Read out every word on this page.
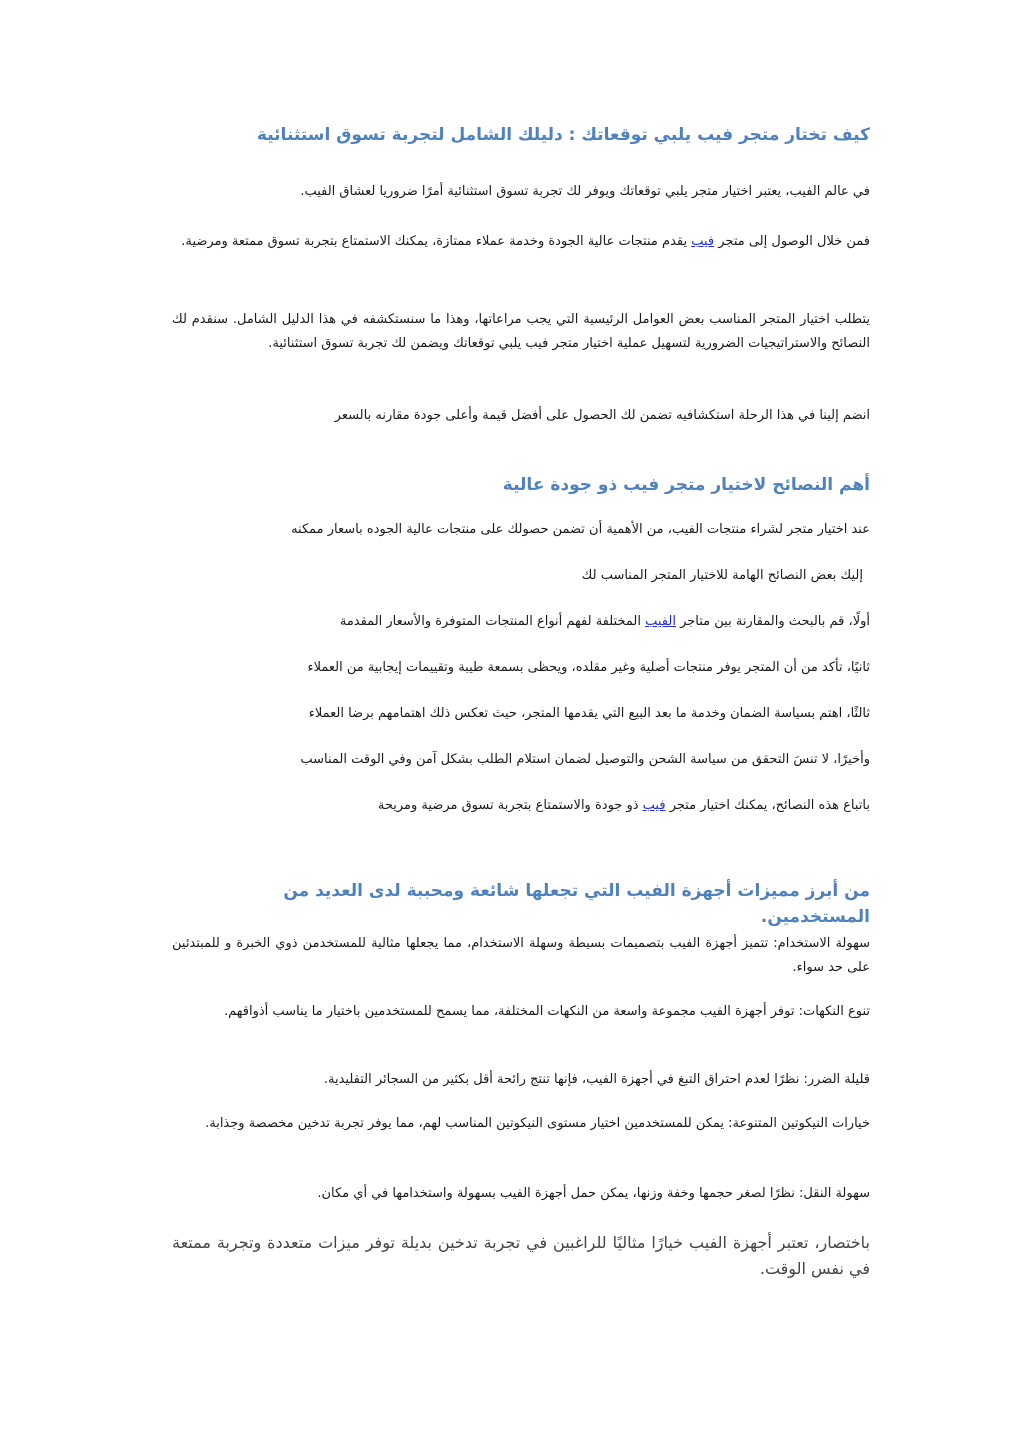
كيف تختار متجر فيب يلبي توقعاتك : دليلك الشامل لتجربة تسوق استثنائية

في عالم الفيب، يعتبر اختيار متجر يلبي توقعاتك ويوفر لك تجربة تسوق استثنائية أمرًا ضروريا لعشاق الفيب.

فمن خلال الوصول إلى متجر فيب يقدم منتجات عالية الجودة وخدمة عملاء ممتازة، يمكنك الاستمتاع بتجربة تسوق ممتعة ومرضية.

يتطلب اختيار المتجر المناسب بعض العوامل الرئيسية التي يجب مراعاتها، وهذا ما سنستكشفه في هذا الدليل الشامل. سنقدم لك النصائح والاستراتيجيات الضرورية لتسهيل عملية اختيار متجر فيب يلبي توقعاتك ويضمن لك تجربة تسوق استثنائية.

انضم إلينا في هذا الرحلة استكشافيه تضمن لك الحصول على أفضل قيمة وأعلى جودة مقارنه بالسعر

أهم النصائح لاختيار متجر فيب ذو جودة عالية

عند اختيار متجر لشراء منتجات الفيب، من الأهمية أن تضمن حصولك على منتجات عالية الجوده باسعار ممكنه

إليك بعض النصائح الهامة للاختيار المتجر المناسب لك

أولًا، قم بالبحث والمقارنة بين متاجر الفيب المختلفة لفهم أنواع المنتجات المتوفرة والأسعار المقدمة

ثانيًا، تأكد من أن المتجر يوفر منتجات أصلية وغير مقلده، ويحظى بسمعة طيبة وتقييمات إيجابية من العملاء

ثالثًا، اهتم بسياسة الضمان وخدمة ما بعد البيع التي يقدمها المتجر، حيث تعكس ذلك اهتمامهم برضا العملاء

وأخيرًا، لا تنسَ التحقق من سياسة الشحن والتوصيل لضمان استلام الطلب بشكل آمن وفي الوقت المناسب

باتباع هذه النصائح، يمكنك اختيار متجر فيب ذو جودة والاستمتاع بتجربة تسوق مرضية ومريحة

من أبرز مميزات أجهزة الفيب التي تجعلها شائعة ومحببة لدى العديد من المستخدمين.

سهولة الاستخدام: تتميز أجهزة الفيب بتصميمات بسيطة وسهلة الاستخدام، مما يجعلها مثالية للمستخدمن ذوي الخبرة و للمبتدئين على حد سواء.

تنوع النكهات: توفر أجهزة الفيب مجموعة واسعة من النكهات المختلفة، مما يسمح للمستخدمين باختيار ما يناسب أذواقهم.

قليلة الضرر: نظرًا لعدم احتراق التبغ في أجهزة الفيب، فإنها تنتج رائحة أقل بكثير من السجائر التقليدية.

خيارات النيكوتين المتنوعة: يمكن للمستخدمين اختيار مستوى النيكوتين المناسب لهم، مما يوفر تجربة تدخين مخصصة وجذابة.

سهولة النقل: نظرًا لصغر حجمها وخفة وزنها، يمكن حمل أجهزة الفيب بسهولة واستخدامها في أي مكان.

باختصار، تعتبر أجهزة الفيب خيارًا مثاليًا للراغبين في تجربة تدخين بديلة توفر ميزات متعددة وتجربة ممتعة في نفس الوقت.
